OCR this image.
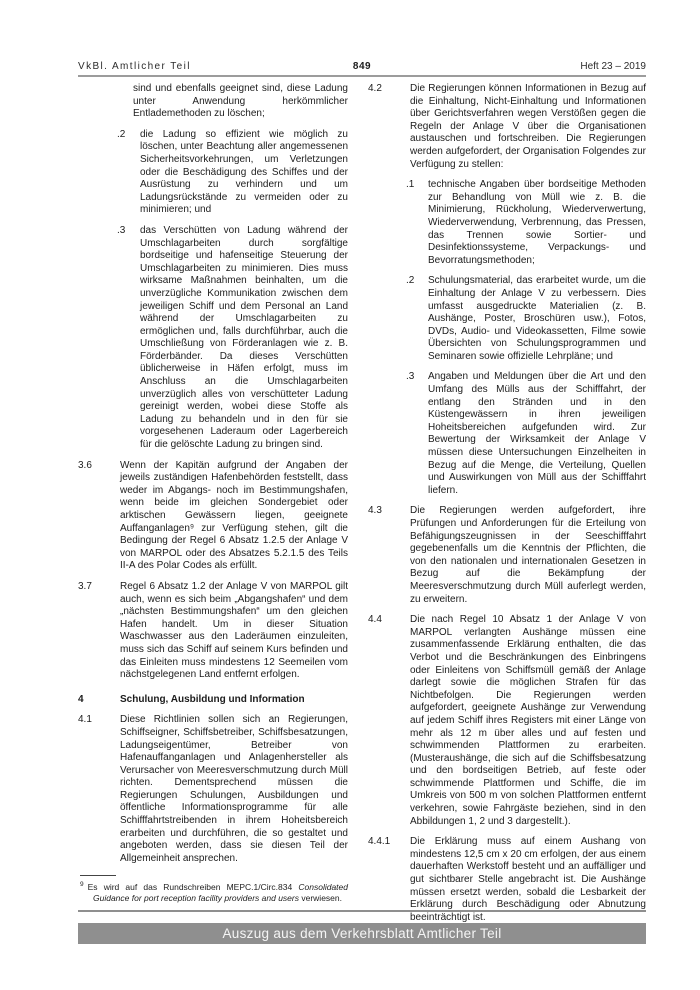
VkBl. Amtlicher Teil	849	Heft 23 – 2019
sind und ebenfalls geeignet sind, diese Ladung unter Anwendung herkömmlicher Entlademethoden zu löschen;
.2	die Ladung so effizient wie möglich zu löschen, unter Beachtung aller angemessenen Sicherheitsvorkehrungen, um Verletzungen oder die Beschädigung des Schiffes und der Ausrüstung zu verhindern und um Ladungsrückstände zu vermeiden oder zu minimieren; und
.3	das Verschütten von Ladung während der Umschlagarbeiten durch sorgfältige bordseitige und hafenseitige Steuerung der Umschlagarbeiten zu minimieren. Dies muss wirksame Maßnahmen beinhalten, um die unverzügliche Kommunikation zwischen dem jeweiligen Schiff und dem Personal an Land während der Umschlagarbeiten zu ermöglichen und, falls durchführbar, auch die Umschließung von Förderanlagen wie z. B. Förderbänder. Da dieses Verschütten üblicherweise in Häfen erfolgt, muss im Anschluss an die Umschlagarbeiten unverzüglich alles von verschütteter Ladung gereinigt werden, wobei diese Stoffe als Ladung zu behandeln und in den für sie vorgesehenen Laderaum oder Lagerbereich für die gelöschte Ladung zu bringen sind.
3.6	Wenn der Kapitän aufgrund der Angaben der jeweils zuständigen Hafenbehörden feststellt, dass weder im Abgangs- noch im Bestimmungshafen, wenn beide im gleichen Sondergebiet oder arktischen Gewässern liegen, geeignete Auffanganlagen⁹ zur Verfügung stehen, gilt die Bedingung der Regel 6 Absatz 1.2.5 der Anlage V von MARPOL oder des Absatzes 5.2.1.5 des Teils II-A des Polar Codes als erfüllt.
3.7	Regel 6 Absatz 1.2 der Anlage V von MARPOL gilt auch, wenn es sich beim „Abgangshafen“ und dem „nächsten Bestimmungshafen“ um den gleichen Hafen handelt. Um in dieser Situation Waschwasser aus den Laderäumen einzuleiten, muss sich das Schiff auf seinem Kurs befinden und das Einleiten muss mindestens 12 Seemeilen vom nächstgelegenen Land entfernt erfolgen.
4	Schulung, Ausbildung und Information
4.1	Diese Richtlinien sollen sich an Regierungen, Schiffseigner, Schiffsbetreiber, Schiffsbesatzungen, Ladungseigentümer, Betreiber von Hafenauffanganlagen und Anlagenhersteller als Verursacher von Meeresverschmutzung durch Müll richten. Dementsprechend müssen die Regierungen Schulungen, Ausbildungen und öffentliche Informationsprogramme für alle Schifffahrtstreibenden in ihrem Hoheitsbereich erarbeiten und durchführen, die so gestaltet und angeboten werden, dass sie diesen Teil der Allgemeinheit ansprechen.
$^9$ Es wird auf das Rundschreiben MEPC.1/Circ.834 Consolidated Guidance for port reception facility providers and users verwiesen.
4.2	Die Regierungen können Informationen in Bezug auf die Einhaltung, Nicht-Einhaltung und Informationen über Gerichtsverfahren wegen Verstößen gegen die Regeln der Anlage V über die Organisationen austauschen und fortschreiben. Die Regierungen werden aufgefordert, der Organisation Folgendes zur Verfügung zu stellen:
.1	technische Angaben über bordseitige Methoden zur Behandlung von Müll wie z. B. die Minimierung, Rückholung, Wiederverwertung, Wiederverwendung, Verbrennung, das Pressen, das Trennen sowie Sortier- und Desinfektionssysteme, Verpackungs- und Bevorratungsmethoden;
.2	Schulungsmaterial, das erarbeitet wurde, um die Einhaltung der Anlage V zu verbessern. Dies umfasst ausgedruckte Materialien (z. B. Aushänge, Poster, Broschüren usw.), Fotos, DVDs, Audio- und Videokassetten, Filme sowie Übersichten von Schulungsprogrammen und Seminaren sowie offizielle Lehrpläne; und
.3	Angaben und Meldungen über die Art und den Umfang des Mülls aus der Schifffahrt, der entlang den Stränden und in den Küstengewässern in ihren jeweiligen Hoheitsbereichen aufgefunden wird. Zur Bewertung der Wirksamkeit der Anlage V müssen diese Untersuchungen Einzelheiten in Bezug auf die Menge, die Verteilung, Quellen und Auswirkungen von Müll aus der Schifffahrt liefern.
4.3	Die Regierungen werden aufgefordert, ihre Prüfungen und Anforderungen für die Erteilung von Befähigungszeugnissen in der Seeschifffahrt gegebenenfalls um die Kenntnis der Pflichten, die von den nationalen und internationalen Gesetzen in Bezug auf die Bekämpfung der Meeresverschmutzung durch Müll auferlegt werden, zu erweitern.
4.4	Die nach Regel 10 Absatz 1 der Anlage V von MARPOL verlangten Aushänge müssen eine zusammenfassende Erklärung enthalten, die das Verbot und die Beschränkungen des Einbringens oder Einleitens von Schiffsmüll gemäß der Anlage darlegt sowie die möglichen Strafen für das Nichtbefolgen. Die Regierungen werden aufgefordert, geeignete Aushänge zur Verwendung auf jedem Schiff ihres Registers mit einer Länge von mehr als 12 m über alles und auf festen und schwimmenden Plattformen zu erarbeiten. (Musteraushänge, die sich auf die Schiffsbesatzung und den bordseitigen Betrieb, auf feste oder schwimmende Plattformen und Schiffe, die im Umkreis von 500 m von solchen Plattformen entfernt verkehren, sowie Fahrgäste beziehen, sind in den Abbildungen 1, 2 und 3 dargestellt.).
4.4.1	Die Erklärung muss auf einem Aushang von mindestens 12,5 cm x 20 cm erfolgen, der aus einem dauerhaften Werkstoff besteht und an auffälliger und gut sichtbarer Stelle angebracht ist. Die Aushänge müssen ersetzt werden, sobald die Lesbarkeit der Erklärung durch Beschädigung oder Abnutzung beeinträchtigt ist.
Auszug aus dem Verkehrsblatt Amtlicher Teil
